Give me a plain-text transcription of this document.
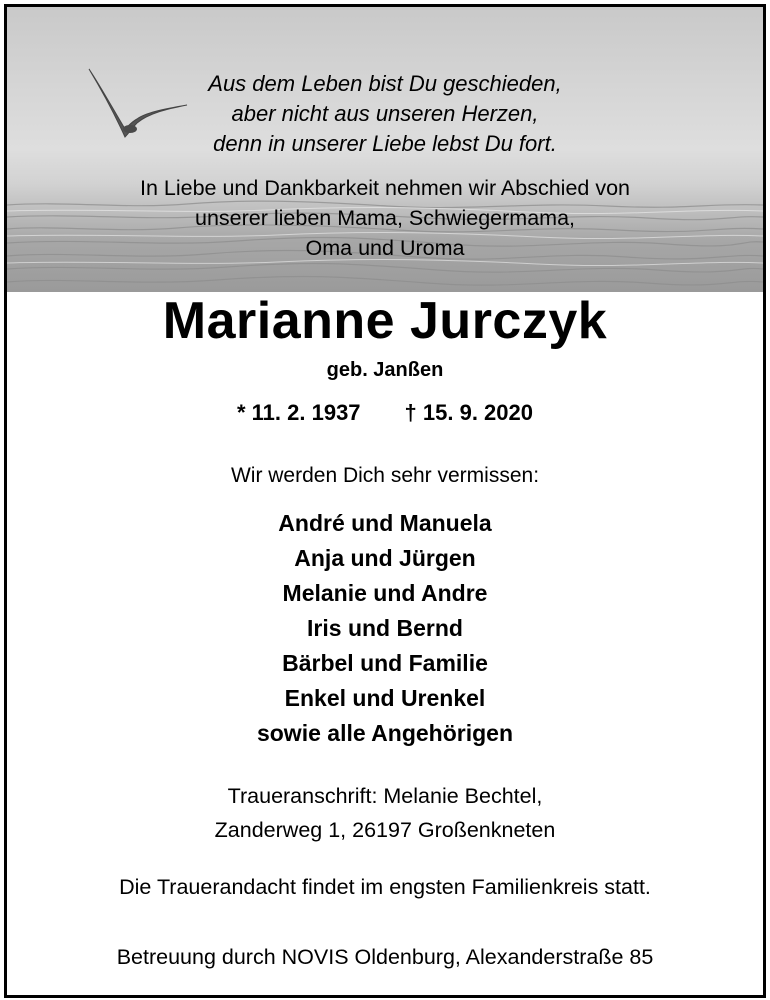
Aus dem Leben bist Du geschieden,
aber nicht aus unseren Herzen,
denn in unserer Liebe lebst Du fort.
In Liebe und Dankbarkeit nehmen wir Abschied von
unserer lieben Mama, Schwiegermama,
Oma und Uroma
Marianne Jurczyk
geb. Janßen
* 11. 2. 1937 † 15. 9. 2020
Wir werden Dich sehr vermissen:
André und Manuela
Anja und Jürgen
Melanie und Andre
Iris und Bernd
Bärbel und Familie
Enkel und Urenkel
sowie alle Angehörigen
Traueranschrift: Melanie Bechtel,
Zanderweg 1, 26197 Großenkneten
Die Trauerandacht findet im engsten Familienkreis statt.
Betreuung durch NOVIS Oldenburg, Alexanderstraße 85
